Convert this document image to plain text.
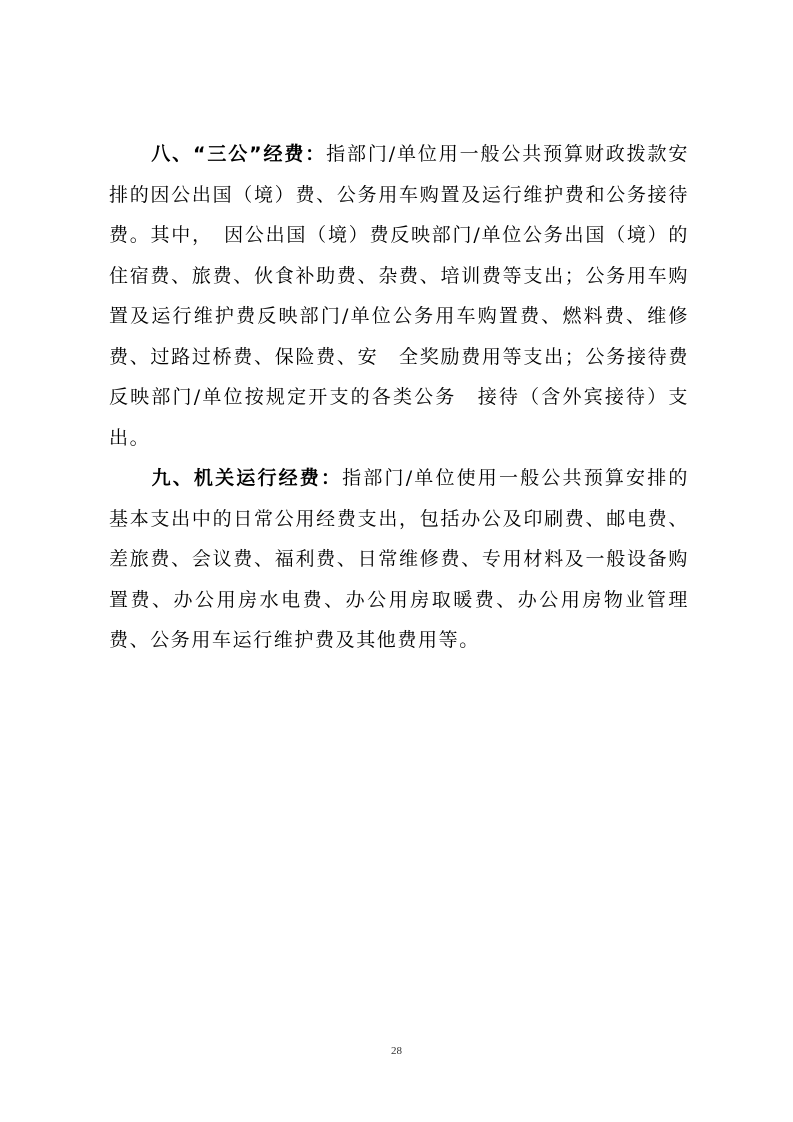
八、“三公”经费：指部门/单位用一般公共预算财政拨款安排的因公出国（境）费、公务用车购置及运行维护费和公务接待费。其中，　因公出国（境）费反映部门/单位公务出国（境）的住宿费、旅费、伙食补助费、杂费、培训费等支出；公务用车购置及运行维护费反映部门/单位公务用车购置费、燃料费、维修费、过路过桥费、保险费、安　全奖励费用等支出；公务接待费反映部门/单位按规定开支的各类公务　接待（含外宾接待）支出。

九、机关运行经费：指部门/单位使用一般公共预算安排的基本支出中的日常公用经费支出，包括办公及印刷费、邮电费、差旅费、会议费、福利费、日常维修费、专用材料及一般设备购置费、办公用房水电费、办公用房取暖费、办公用房物业管理费、公务用车运行维护费及其他费用等。

28
